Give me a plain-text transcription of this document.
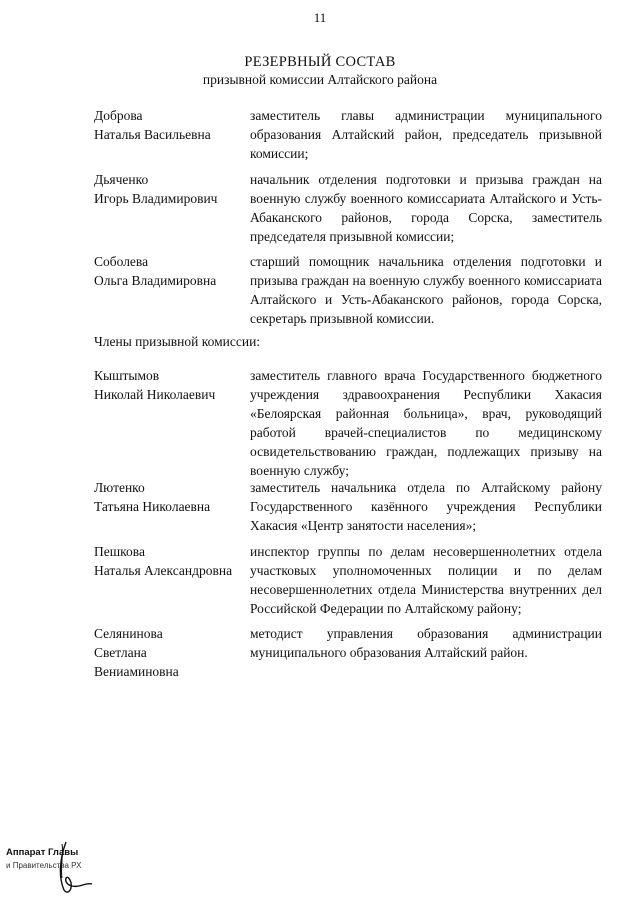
11
РЕЗЕРВНЫЙ СОСТАВ
призывной комиссии Алтайского района
Доброва
Наталья Васильевна
заместитель главы администрации муниципального образования Алтайский район, председатель призывной комиссии;
Дьяченко
Игорь Владимирович
начальник отделения подготовки и призыва граждан на военную службу военного комиссариата Алтайского и Усть-Абаканского районов, города Сорска, заместитель председателя призывной комиссии;
Соболева
Ольга Владимировна
старший помощник начальника отделения подготовки и призыва граждан на военную службу военного комиссариата Алтайского и Усть-Абаканского районов, города Сорска, секретарь призывной комиссии.
Члены призывной комиссии:
Кыштымов
Николай Николаевич
заместитель главного врача Государственного бюджетного учреждения здравоохранения Республики Хакасия «Белоярская районная больница», врач, руководящий работой врачей-специалистов по медицинскому освидетельствованию граждан, подлежащих призыву на военную службу;
Лютенко
Татьяна Николаевна
заместитель начальника отдела по Алтайскому району Государственного казённого учреждения Республики Хакасия «Центр занятости населения»;
Пешкова
Наталья Александровна
инспектор группы по делам несовершеннолетних отдела участковых уполномоченных полиции и по делам несовершеннолетних отдела Министерства внутренних дел Российской Федерации по Алтайскому району;
Селянинова
Светлана
Вениаминовна
методист управления образования администрации муниципального образования Алтайский район.
Аппарат Главы
и Правительства РХ
